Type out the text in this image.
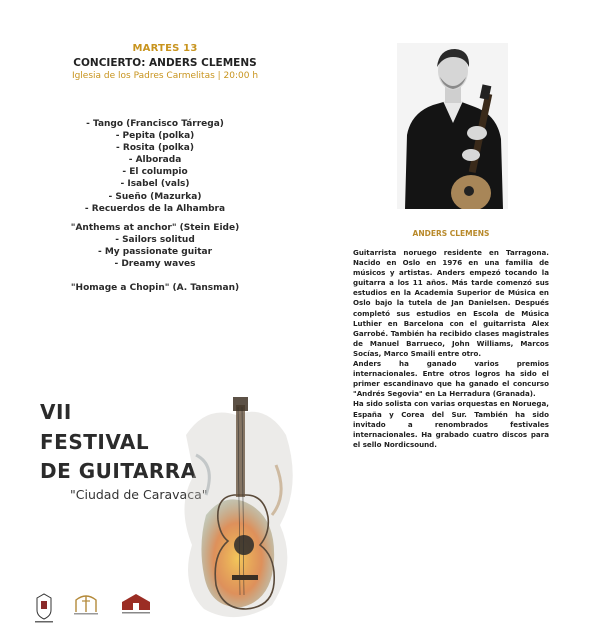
MARTES 13
CONCIERTO: ANDERS CLEMENS
Iglesia de los Padres Carmelitas | 20:00 h
- Tango (Francisco Tárrega)
- Pepita (polka)
- Rosita (polka)
- Alborada
- El columpio
- Isabel (vals)
- Sueño (Mazurka)
- Recuerdos de la Alhambra
"Anthems at anchor" (Stein Eide)
- Sailors solitud
- My passionate guitar
- Dreamy waves
"Homage a Chopin" (A. Tansman)
ANDERS CLEMENS

Guitarrista noruego residente en Tarragona. Nacido en Oslo en 1976 en una familia de músicos y artistas. Anders empezó tocando la guitarra a los 11 años. Más tarde comenzó sus estudios en la Academia Superior de Música en Oslo bajo la tutela de Jan Danielsen. Después completó sus estudios en Escola de Música Luthier en Barcelona con el guitarrista Alex Garrobé. También ha recibido clases magistrales de Manuel Barrueco, John Williams, Marcos Socías, Marco Smaili entre otro.

Anders ha ganado varios premios internacionales. Entre otros logros ha sido el primer escandinavo que ha ganado el concurso "Andrés Segovia" en La Herradura (Granada).

Ha sido solista con varias orquestas en Noruega, España y Corea del Sur. También ha sido invitado a renombrados festivales internacionales. Ha grabado cuatro discos para el sello Nordicsound.

VII
FESTIVAL
DE GUITARRA
"Ciudad de Caravaca"
